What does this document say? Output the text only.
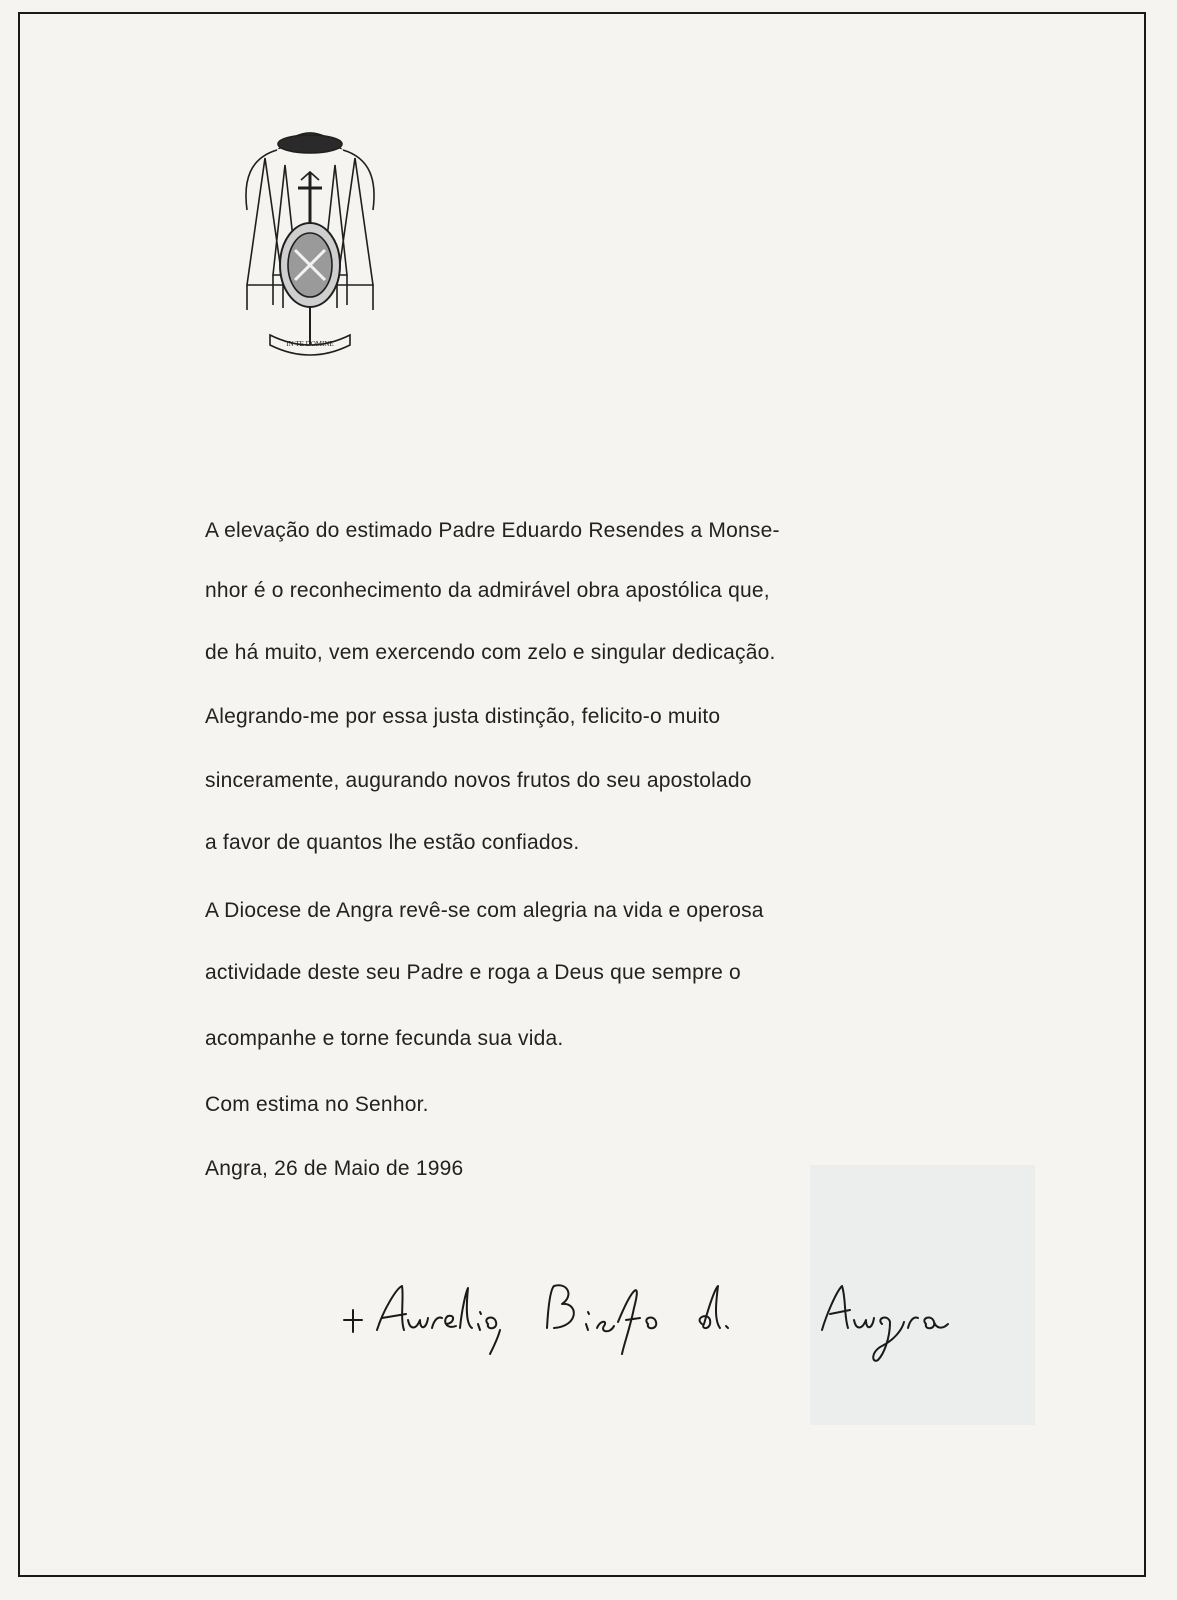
IN TE DOMINE
A elevação do estimado Padre Eduardo Resendes a Monse-
nhor é o reconhecimento da admirável obra apostólica que,
de há muito, vem exercendo com zelo e singular dedicação.
Alegrando-me por essa justa distinção, felicito-o muito
sinceramente, augurando novos frutos do seu apostolado
a favor de quantos lhe estão confiados.
A Diocese de Angra revê-se com alegria na vida e operosa
actividade deste seu Padre e roga a Deus que sempre o
acompanhe e torne fecunda sua vida.
Com estima no Senhor.
Angra, 26 de Maio de 1996
